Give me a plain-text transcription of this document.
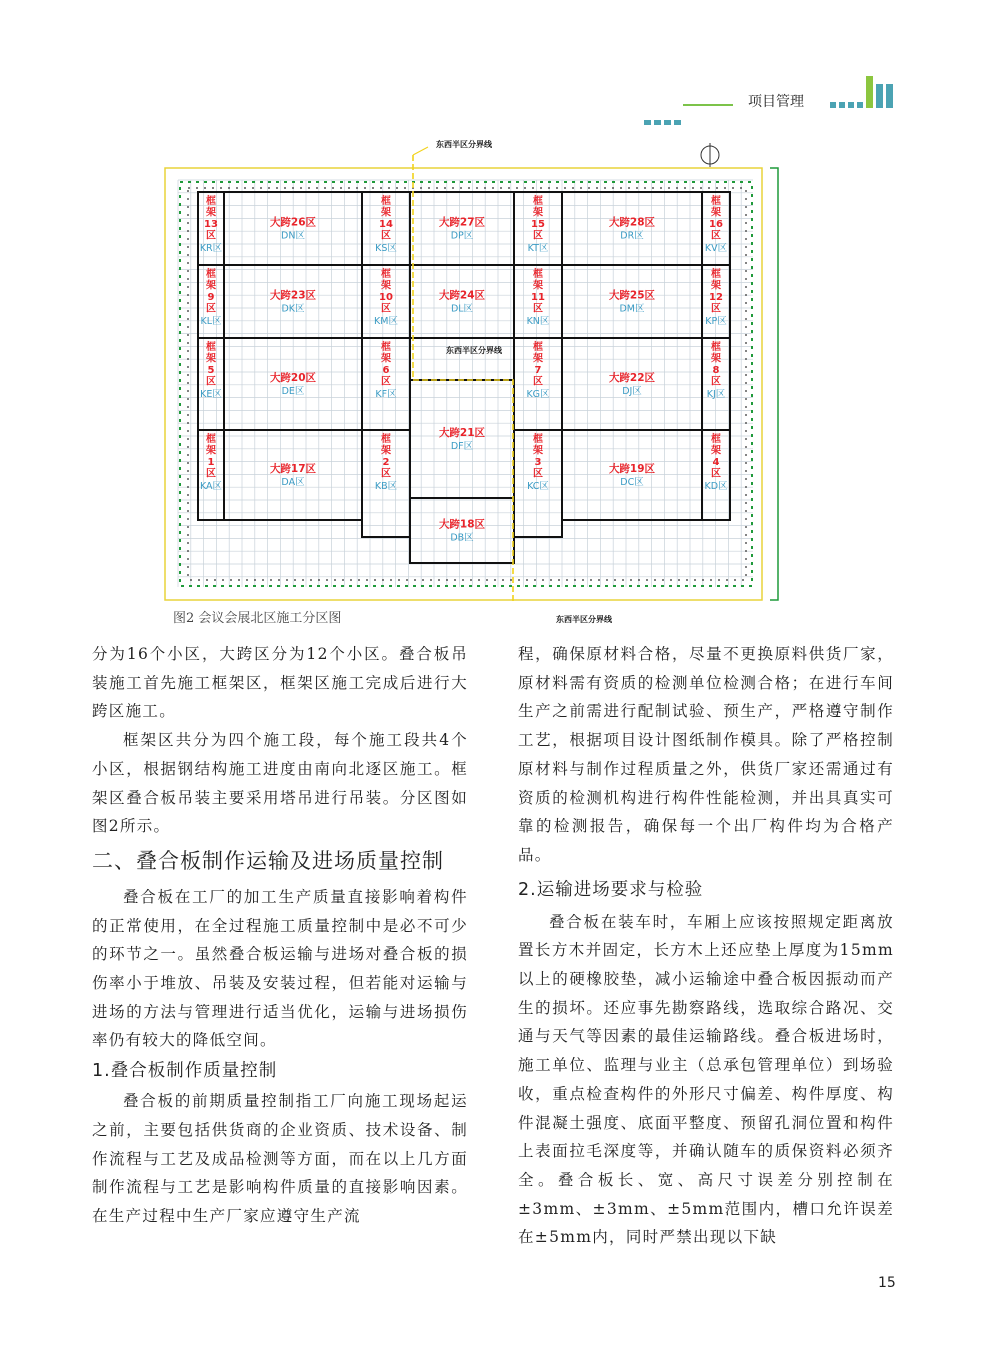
项目管理
框
架
13
区
KR区
大跨26区
DN区
框
架
14
区
KS区
大跨27区
DP区
框
架
15
区
KT区
大跨28区
DR区
框
架
16
区
KV区
框
架
9
区
KL区
大跨23区
DK区
框
架
10
区
KM区
大跨24区
DL区
框
架
11
区
KN区
大跨25区
DM区
框
架
12
区
KP区
框
架
5
区
KE区
大跨20区
DE区
框
架
6
区
KF区
框
架
7
区
KG区
大跨22区
DJ区
框
架
8
区
KJ区
框
架
1
区
KA区
大跨17区
DA区
框
架
2
区
KB区
大跨21区
DF区
框
架
3
区
KC区
大跨19区
DC区
框
架
4
区
KD区
大跨18区
DB区
东西半区分界线
东西半区分界线
东西半区分界线
图2 会议会展北区施工分区图

分为16个小区，大跨区分为12个小区。叠合板吊装施工首先施工框架区，框架区施工完成后进行大跨区施工。

框架区共分为四个施工段，每个施工段共4个小区，根据钢结构施工进度由南向北逐区施工。框架区叠合板吊装主要采用塔吊进行吊装。分区图如图2所示。

二、叠合板制作运输及进场质量控制

叠合板在工厂的加工生产质量直接影响着构件的正常使用，在全过程施工质量控制中是必不可少的环节之一。虽然叠合板运输与进场对叠合板的损伤率小于堆放、吊装及安装过程，但若能对运输与进场的方法与管理进行适当优化，运输与进场损伤率仍有较大的降低空间。

1.叠合板制作质量控制

叠合板的前期质量控制指工厂向施工现场起运之前，主要包括供货商的企业资质、技术设备、制作流程与工艺及成品检测等方面，而在以上几方面制作流程与工艺是影响构件质量的直接影响因素。在生产过程中生产厂家应遵守生产流

程，确保原材料合格，尽量不更换原料供货厂家，原材料需有资质的检测单位检测合格；在进行车间生产之前需进行配制试验、预生产，严格遵守制作工艺，根据项目设计图纸制作模具。除了严格控制原材料与制作过程质量之外，供货厂家还需通过有资质的检测机构进行构件性能检测，并出具真实可靠的检测报告，确保每一个出厂构件均为合格产品。

2.运输进场要求与检验

叠合板在装车时，车厢上应该按照规定距离放置长方木并固定，长方木上还应垫上厚度为15mm以上的硬橡胶垫，减小运输途中叠合板因振动而产生的损坏。还应事先勘察路线，选取综合路况、交通与天气等因素的最佳运输路线。叠合板进场时，施工单位、监理与业主（总承包管理单位）到场验收，重点检查构件的外形尺寸偏差、构件厚度、构件混凝土强度、底面平整度、预留孔洞位置和构件上表面拉毛深度等，并确认随车的质保资料必须齐全。叠合板长、宽、高尺寸误差分别控制在±3mm、±3mm、±5mm范围内，槽口允许误差在±5mm内，同时严禁出现以下缺

15
